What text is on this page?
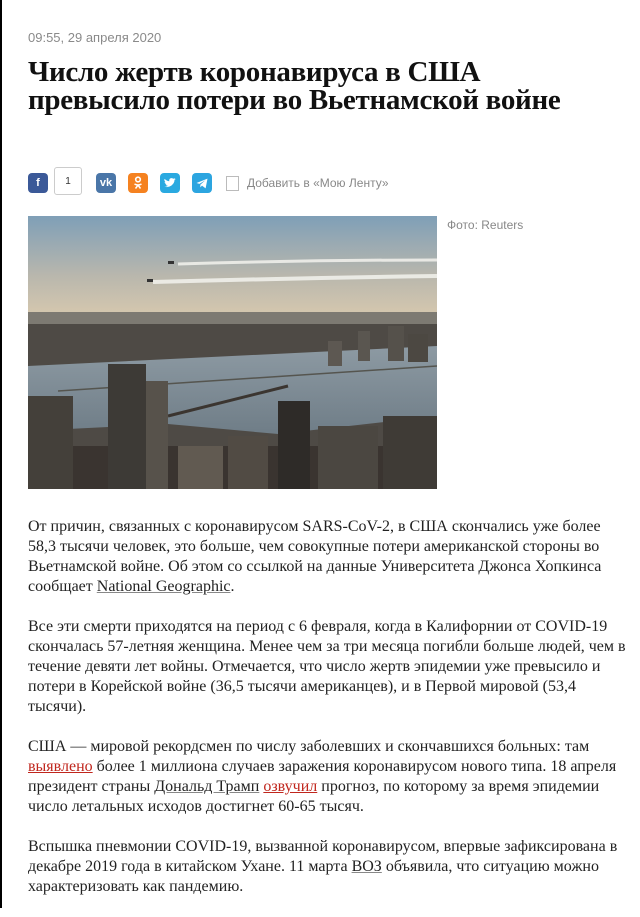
09:55, 29 апреля 2020
Число жертв коронавируса в США превысило потери во Вьетнамской войне
f	1	vk	Добавить в «Мою Ленту»
Фото: Reuters

От причин, связанных с коронавирусом SARS-CoV-2, в США скончались уже более 58,3 тысячи человек, это больше, чем совокупные потери американской стороны во Вьетнамской войне. Об этом со ссылкой на данные Университета Джонса Хопкинса сообщает National Geographic.

Все эти смерти приходятся на период с 6 февраля, когда в Калифорнии от COVID-19 скончалась 57-летняя женщина. Менее чем за три месяца погибли больше людей, чем в течение девяти лет войны. Отмечается, что число жертв эпидемии уже превысило и потери в Корейской войне (36,5 тысячи американцев), и в Первой мировой (53,4 тысячи).

США — мировой рекордсмен по числу заболевших и скончавшихся больных: там выявлено более 1 миллиона случаев заражения коронавирусом нового типа. 18 апреля президент страны Дональд Трамп озвучил прогноз, по которому за время эпидемии число летальных исходов достигнет 60-65 тысяч.

Вспышка пневмонии COVID-19, вызванной коронавирусом, впервые зафиксирована в декабре 2019 года в китайском Ухане. 11 марта ВОЗ объявила, что ситуацию можно характеризовать как пандемию.
